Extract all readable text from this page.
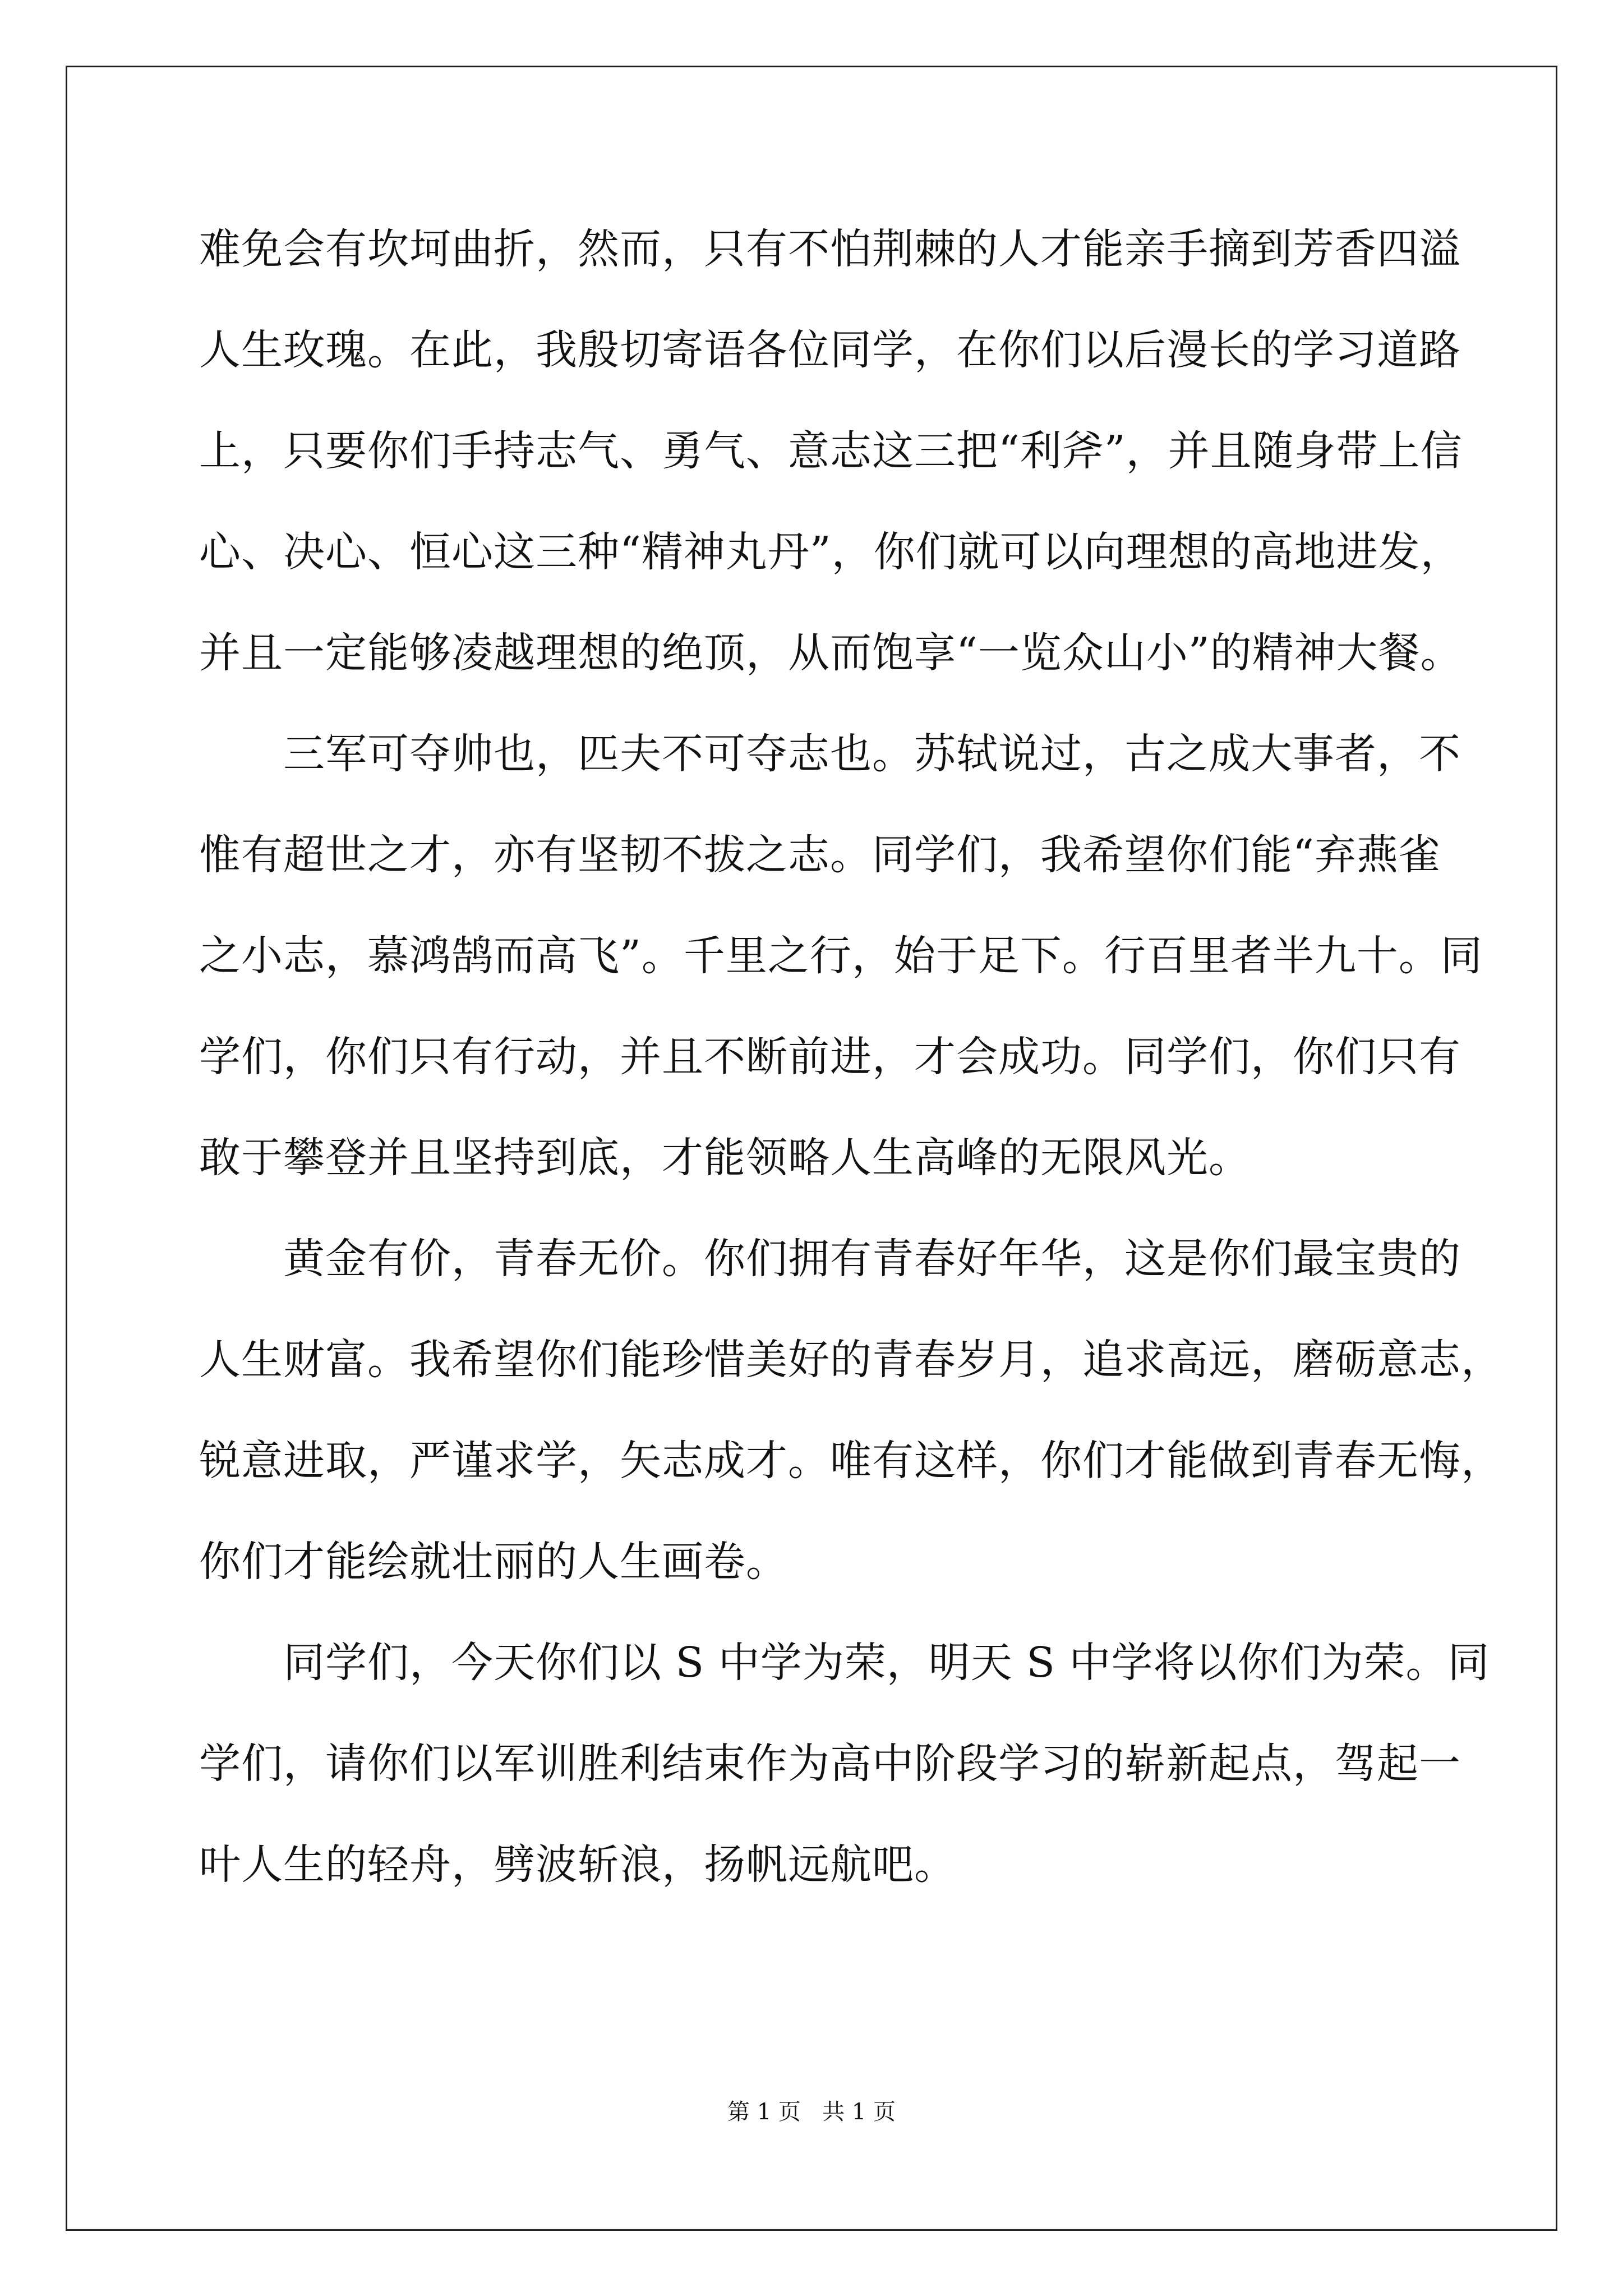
难免会有坎坷曲折，然而，只有不怕荆棘的人才能亲手摘到芳香四溢
人生玫瑰。在此，我殷切寄语各位同学，在你们以后漫长的学习道路
上，只要你们手持志气、勇气、意志这三把“利斧”，并且随身带上信
心、决心、恒心这三种“精神丸丹”，你们就可以向理想的高地进发，
并且一定能够凌越理想的绝顶，从而饱享“一览众山小”的精神大餐。
三军可夺帅也，匹夫不可夺志也。苏轼说过，古之成大事者，不
惟有超世之才，亦有坚韧不拔之志。同学们，我希望你们能“弃燕雀
之小志，慕鸿鹄而高飞”。千里之行，始于足下。行百里者半九十。同
学们，你们只有行动，并且不断前进，才会成功。同学们，你们只有
敢于攀登并且坚持到底，才能领略人生高峰的无限风光。
黄金有价，青春无价。你们拥有青春好年华，这是你们最宝贵的
人生财富。我希望你们能珍惜美好的青春岁月，追求高远，磨砺意志，
锐意进取，严谨求学，矢志成才。唯有这样，你们才能做到青春无悔，
你们才能绘就壮丽的人生画卷。
同学们，今天你们以 S 中学为荣，明天 S 中学将以你们为荣。同
学们，请你们以军训胜利结束作为高中阶段学习的崭新起点，驾起一
叶人生的轻舟，劈波斩浪，扬帆远航吧。
第 1 页   共 1 页
